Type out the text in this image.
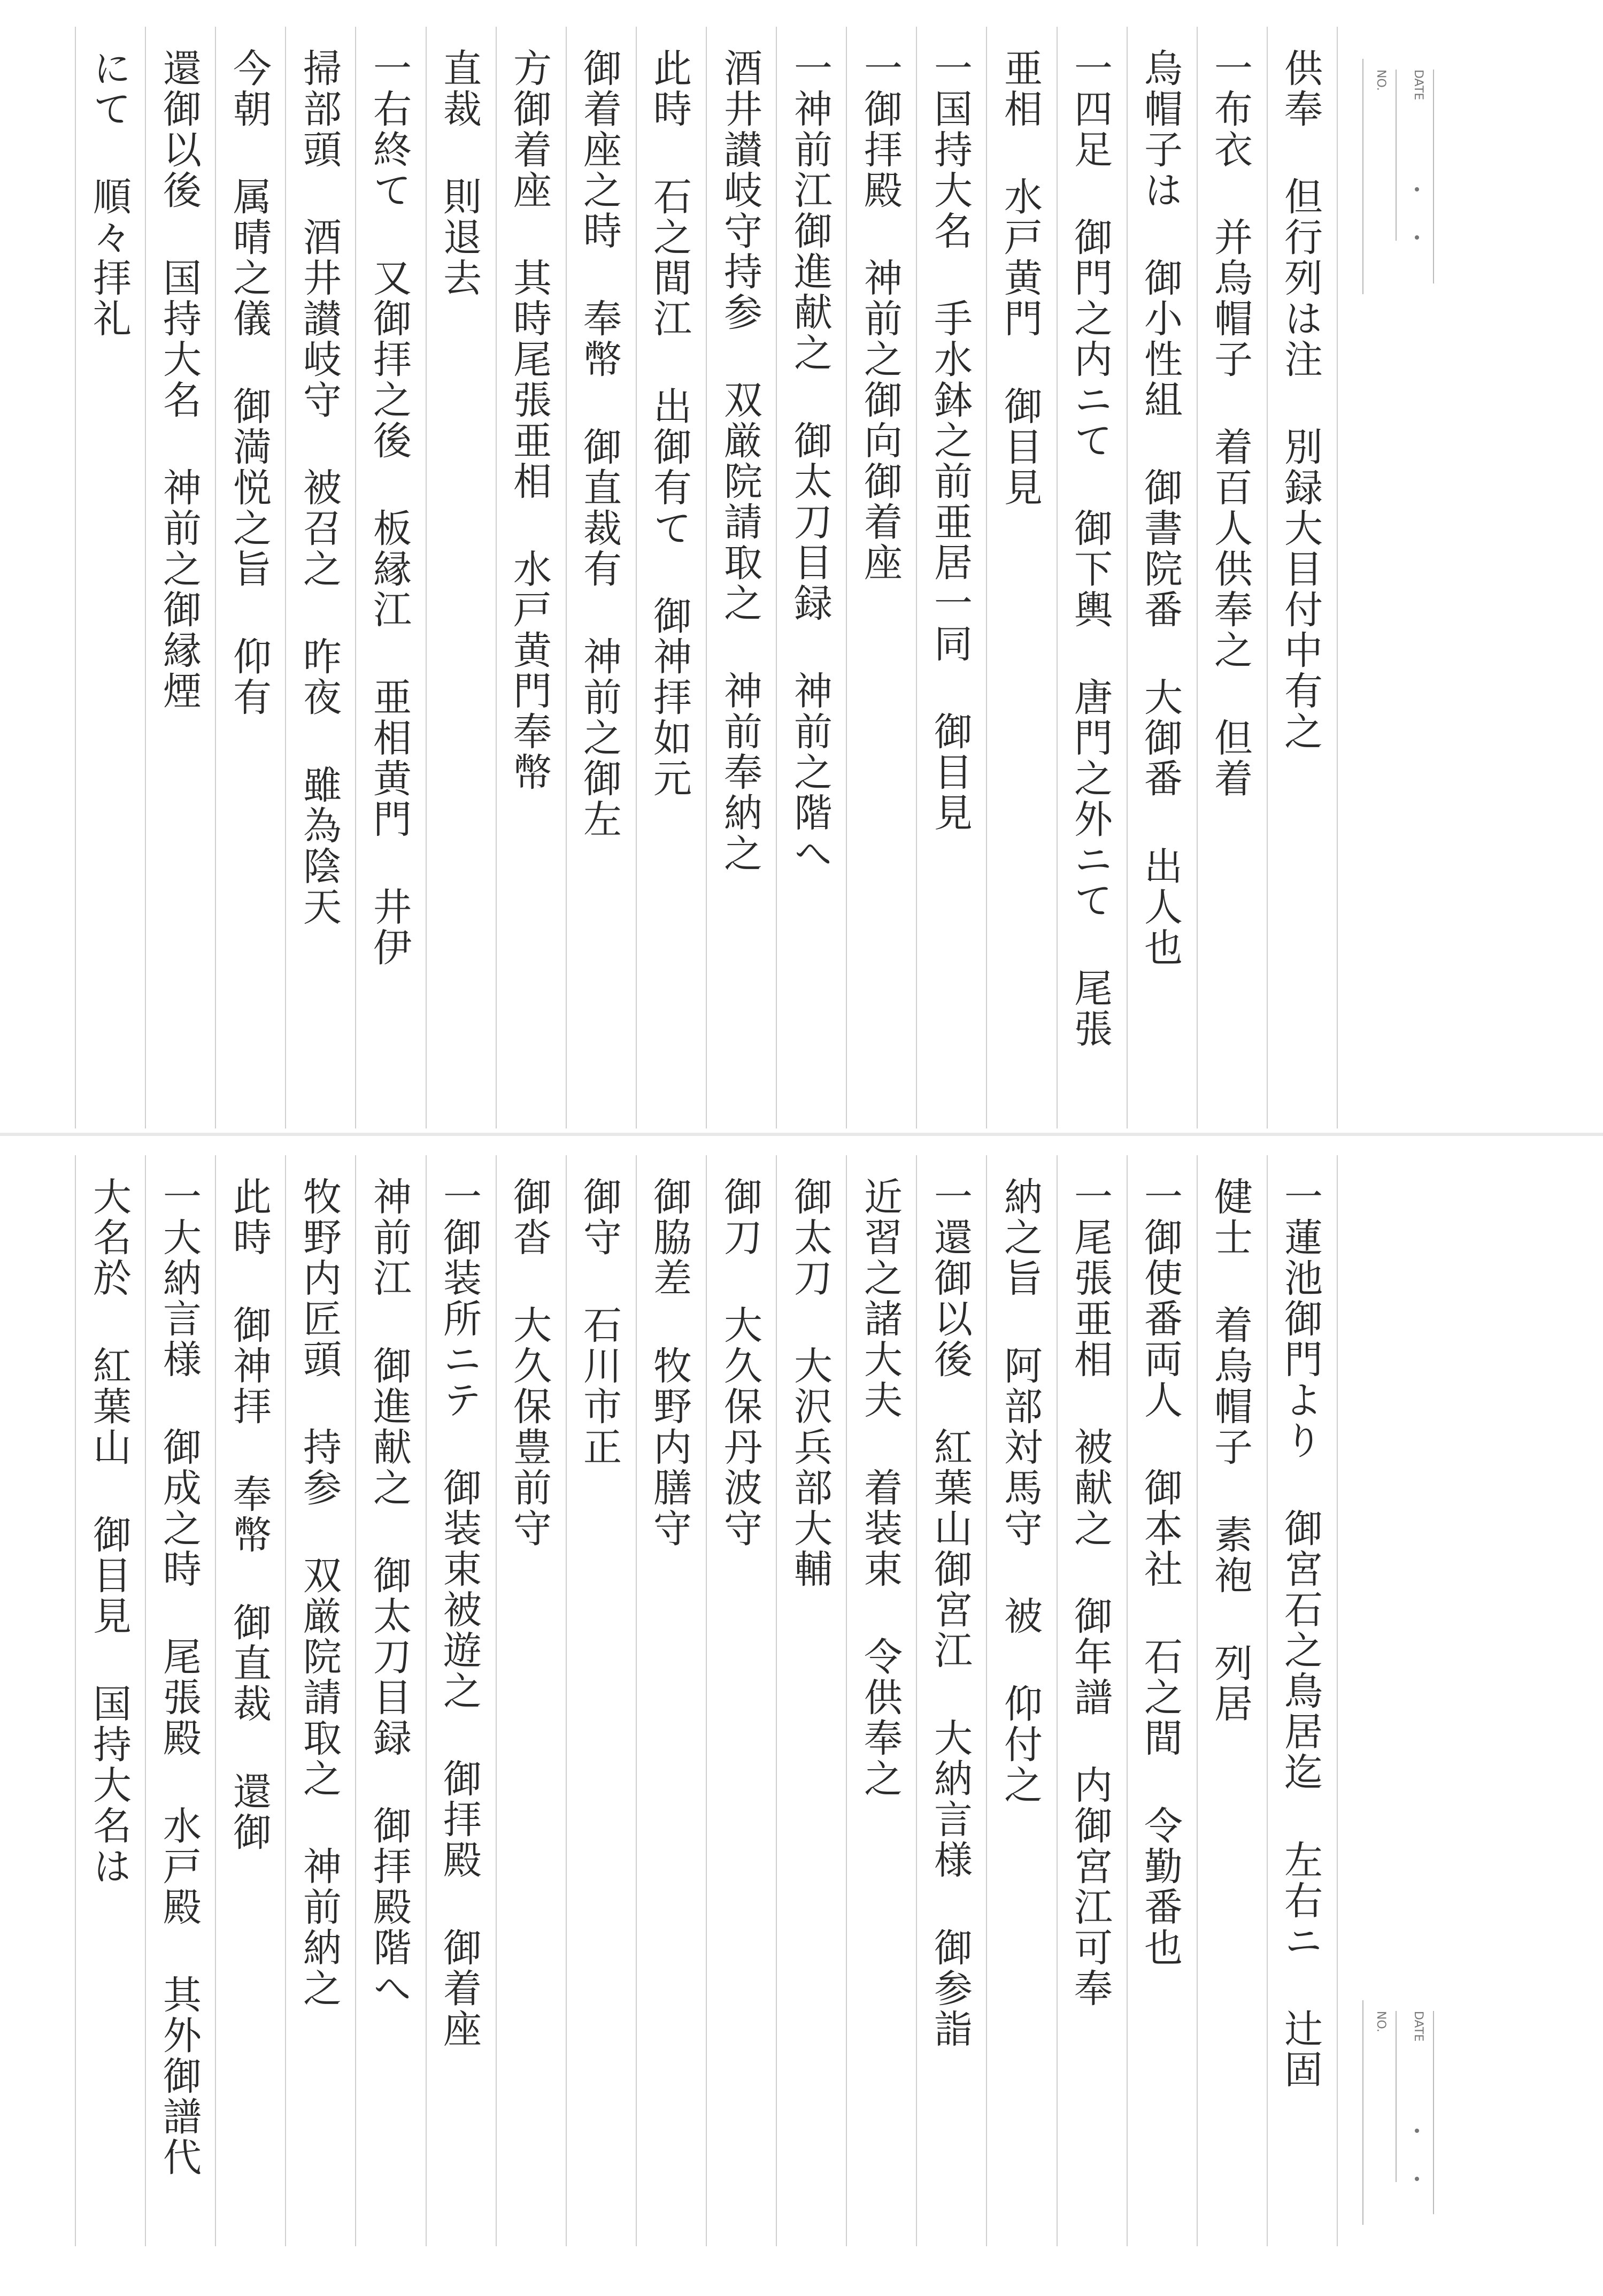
NO. DATE
供奉 但行列は注 別録大目付中有之
一布衣 并烏帽子 着百人供奉之 但着
烏帽子は 御小性組 御書院番 大御番 出人也
一四足 御門之内ニて 御下輿 唐門之外ニて 尾張
亜相 水戸黄門 御目見
一国持大名 手水鉢之前亜居一同 御目見
一御拝殿 神前之御向御着座
一神前江御進献之 御太刀目録 神前之階へ
酒井讃岐守持参 双厳院請取之 神前奉納之
此時 石之間江 出御有て 御神拝如元
御着座之時 奉幣 御直裁有 神前之御左
方御着座 其時尾張亜相 水戸黄門奉幣
直裁 則退去
一右終て 又御拝之後 板縁江 亜相黄門 井伊
掃部頭 酒井讃岐守 被召之 昨夜 雖為陰天
今朝 属晴之儀 御満悦之旨 仰有
還御以後 国持大名 神前之御縁煙
にて 順々拝礼
NO. DATE
一蓮池御門より 御宮石之鳥居迄 左右ニ 辻固
健士 着烏帽子 素袍 列居
一御使番両人 御本社 石之間 令勤番也
一尾張亜相 被献之 御年譜 内御宮江可奉
納之旨 阿部対馬守 被 仰付之
一還御以後 紅葉山御宮江 大納言様 御参詣
近習之諸大夫 着装束 令供奉之
御太刀 大沢兵部大輔
御刀 大久保丹波守
御脇差 牧野内膳守
御守 石川市正
御沓 大久保豊前守
一御装所ニテ 御装束被遊之 御拝殿 御着座
神前江 御進献之 御太刀目録 御拝殿階へ
牧野内匠頭 持参 双厳院請取之 神前納之
此時 御神拝 奉幣 御直裁 還御
一大納言様 御成之時 尾張殿 水戸殿 其外御譜代
大名於 紅葉山 御目見 国持大名は
